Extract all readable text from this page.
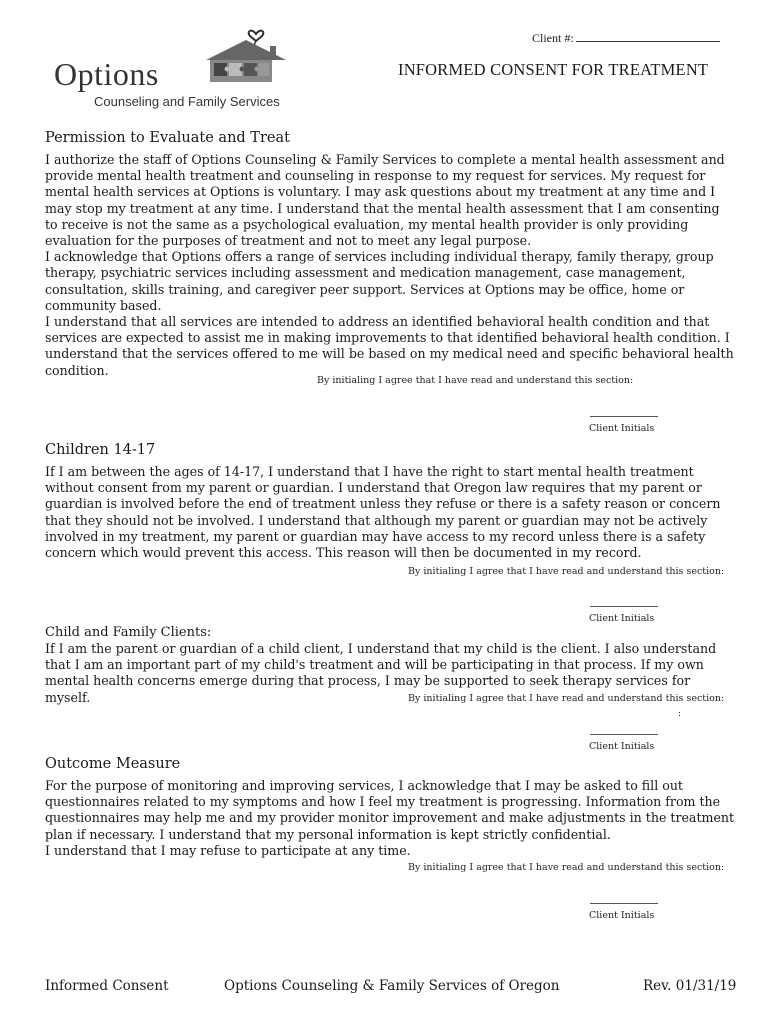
Client #:
Options
Counseling and Family Services
INFORMED CONSENT FOR TREATMENT
Permission to Evaluate and Treat

I authorize the staff of Options Counseling & Family Services to complete a mental health assessment and provide mental health treatment and counseling in response to my request for services. My request for mental health services at Options is voluntary. I may ask questions about my treatment at any time and I may stop my treatment at any time. I understand that the mental health assessment that I am consenting to receive is not the same as a psychological evaluation, my mental health provider is only providing evaluation for the purposes of treatment and not to meet any legal purpose.

I acknowledge that Options offers a range of services including individual therapy, family therapy, group therapy, psychiatric services including assessment and medication management, case management, consultation, skills training, and caregiver peer support. Services at Options may be office, home or community based.

I understand that all services are intended to address an identified behavioral health condition and that services are expected to assist me in making improvements to that identified behavioral health condition. I understand that the services offered to me will be based on my medical need and specific behavioral health condition.

By initialing I agree that I have read and understand this section:
Client Initials
Children 14-17

If I am between the ages of 14-17, I understand that I have the right to start mental health treatment without consent from my parent or guardian. I understand that Oregon law requires that my parent or guardian is involved before the end of treatment unless they refuse or there is a safety reason or concern that they should not be involved. I understand that although my parent or guardian may not be actively involved in my treatment, my parent or guardian may have access to my record unless there is a safety concern which would prevent this access. This reason will then be documented in my record.

By initialing I agree that I have read and understand this section:
Client Initials
Child and Family Clients:

If I am the parent or guardian of a child client, I understand that my child is the client. I also understand that I am an important part of my child's treatment and will be participating in that process. If my own mental health concerns emerge during that process, I may be supported to seek therapy services for myself.	By initialing I agree that I have read and understand this section:
:
Client Initials
Outcome Measure

For the purpose of monitoring and improving services, I acknowledge that I may be asked to fill out questionnaires related to my symptoms and how I feel my treatment is progressing. Information from the questionnaires may help me and my provider monitor improvement and make adjustments in the treatment plan if necessary. I understand that my personal information is kept strictly confidential.

I understand that I may refuse to participate at any time.

By initialing I agree that I have read and understand this section:
Client Initials
Informed Consent	Options Counseling & Family Services of Oregon	Rev. 01/31/19
